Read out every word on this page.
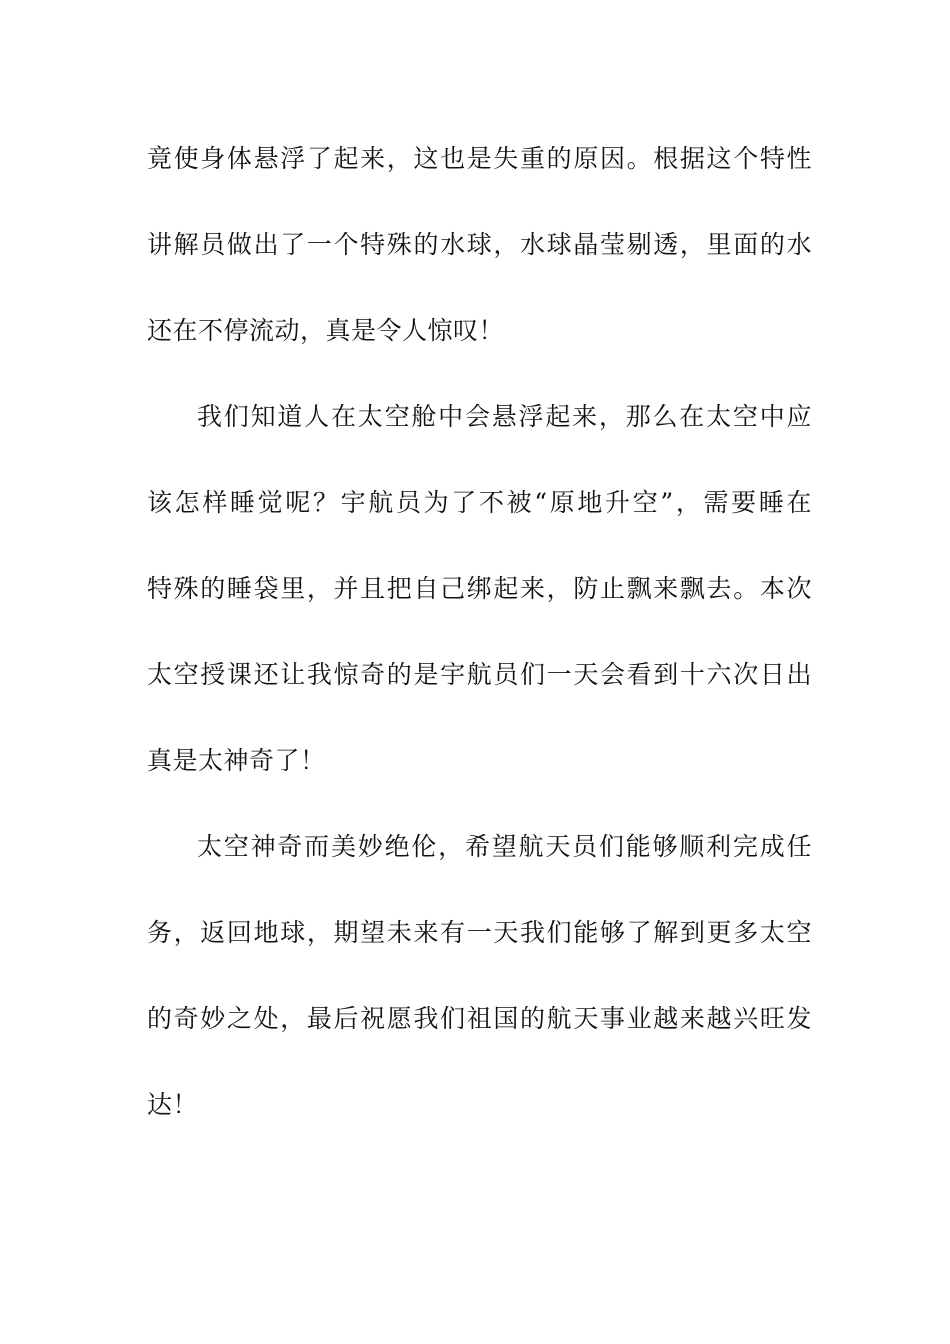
竟使身体悬浮了起来，这也是失重的原因。根据这个特性
讲解员做出了一个特殊的水球，水球晶莹剔透，里面的水
还在不停流动，真是令人惊叹！
我们知道人在太空舱中会悬浮起来，那么在太空中应
该怎样睡觉呢？宇航员为了不被“原地升空”，需要睡在
特殊的睡袋里，并且把自己绑起来，防止飘来飘去。本次
太空授课还让我惊奇的是宇航员们一天会看到十六次日出
真是太神奇了！
太空神奇而美妙绝伦，希望航天员们能够顺利完成任
务，返回地球，期望未来有一天我们能够了解到更多太空
的奇妙之处，最后祝愿我们祖国的航天事业越来越兴旺发
达！
